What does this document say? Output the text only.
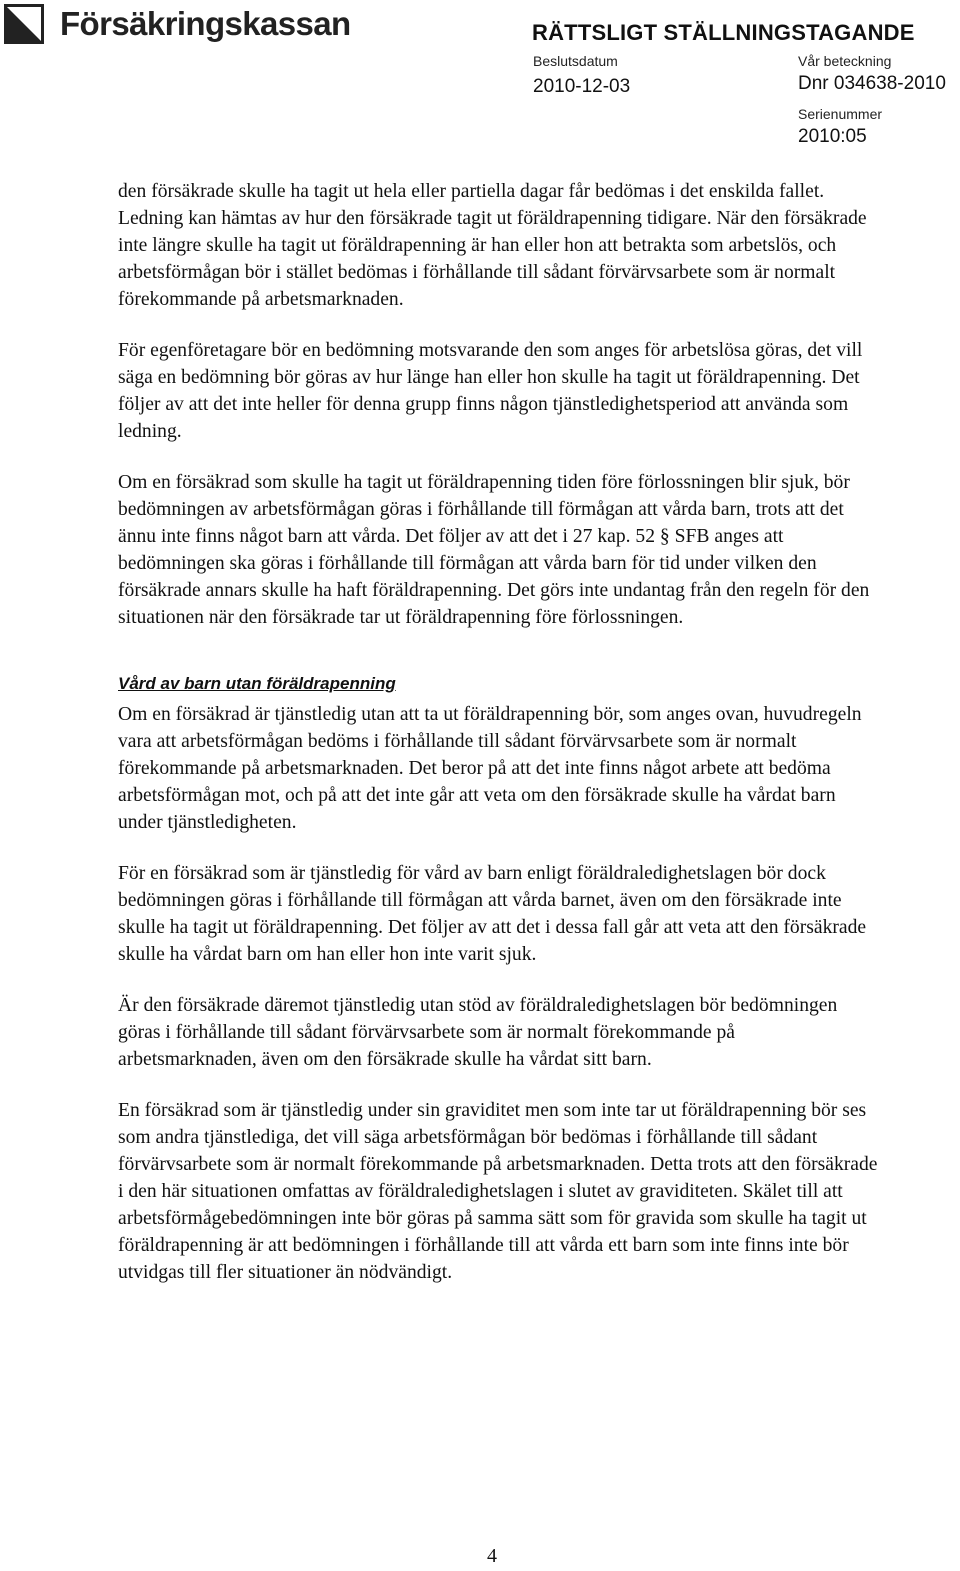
Försäkringskassan	RÄTTSLIGT STÄLLNINGSTAGANDE
Beslutsdatum
2010-12-03
Vår beteckning
Dnr 034638-2010
Serienummer
2010:05

den försäkrade skulle ha tagit ut hela eller partiella dagar får bedömas i det enskilda fallet. Ledning kan hämtas av hur den försäkrade tagit ut föräldrapenning tidigare. När den försäkrade inte längre skulle ha tagit ut föräldrapenning är han eller hon att betrakta som arbetslös, och arbetsförmågan bör i stället bedömas i förhållande till sådant förvärvsarbete som är normalt förekommande på arbetsmarknaden.

För egenföretagare bör en bedömning motsvarande den som anges för arbetslösa göras, det vill säga en bedömning bör göras av hur länge han eller hon skulle ha tagit ut föräldrapenning. Det följer av att det inte heller för denna grupp finns någon tjänstledighetsperiod att använda som ledning.

Om en försäkrad som skulle ha tagit ut föräldrapenning tiden före förlossningen blir sjuk, bör bedömningen av arbetsförmågan göras i förhållande till förmågan att vårda barn, trots att det ännu inte finns något barn att vårda. Det följer av att det i 27 kap. 52 § SFB anges att bedömningen ska göras i förhållande till förmågan att vårda barn för tid under vilken den försäkrade annars skulle ha haft föräldrapenning. Det görs inte undantag från den regeln för den situationen när den försäkrade tar ut föräldrapenning före förlossningen.

Vård av barn utan föräldrapenning

Om en försäkrad är tjänstledig utan att ta ut föräldrapenning bör, som anges ovan, huvudregeln vara att arbetsförmågan bedöms i förhållande till sådant förvärvsarbete som är normalt förekommande på arbetsmarknaden. Det beror på att det inte finns något arbete att bedöma arbetsförmågan mot, och på att det inte går att veta om den försäkrade skulle ha vårdat barn under tjänstledigheten.

För en försäkrad som är tjänstledig för vård av barn enligt föräldraledighetslagen bör dock bedömningen göras i förhållande till förmågan att vårda barnet, även om den försäkrade inte skulle ha tagit ut föräldrapenning. Det följer av att det i dessa fall går att veta att den försäkrade skulle ha vårdat barn om han eller hon inte varit sjuk.

Är den försäkrade däremot tjänstledig utan stöd av föräldraledighetslagen bör bedömningen göras i förhållande till sådant förvärvsarbete som är normalt förekommande på arbetsmarknaden, även om den försäkrade skulle ha vårdat sitt barn.

En försäkrad som är tjänstledig under sin graviditet men som inte tar ut föräldrapenning bör ses som andra tjänstlediga, det vill säga arbetsförmågan bör bedömas i förhållande till sådant förvärvsarbete som är normalt förekommande på arbetsmarknaden. Detta trots att den försäkrade i den här situationen omfattas av föräldraledighetslagen i slutet av graviditeten. Skälet till att arbetsförmågebedömningen inte bör göras på samma sätt som för gravida som skulle ha tagit ut föräldrapenning är att bedömningen i förhållande till att vårda ett barn som inte finns inte bör utvidgas till fler situationer än nödvändigt.

4
